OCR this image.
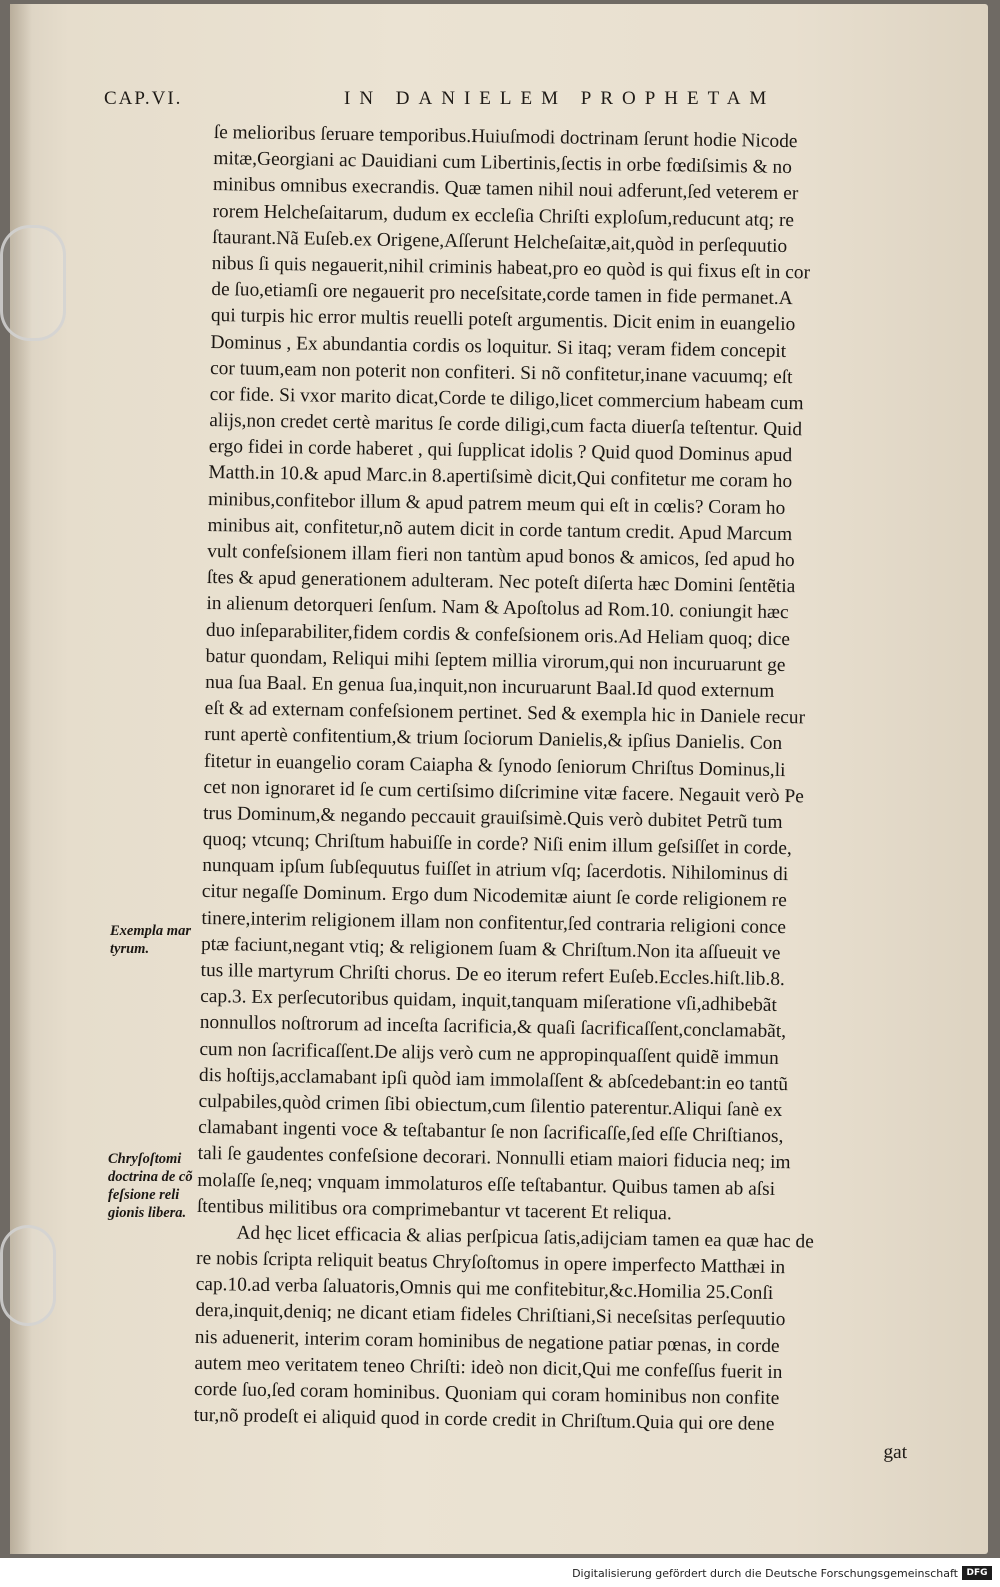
CAP.VI.	IN DANIELEM PROPHETAM
Exempla mar
tyrum.
Chryſoſtomi
doctrina de cõ
feſsione reli
gionis libera.
ſe melioribus ſeruare temporibus.Huiuſmodi doctrinam ſerunt hodie Nicode
mitæ,Georgiani ac Dauidiani cum Libertinis,ſectis in orbe fœdiſsimis & no
minibus omnibus execrandis. Quæ tamen nihil noui adferunt,ſed veterem er
rorem Helcheſaitarum, dudum ex eccleſia Chriſti exploſum,reducunt atq; re
ſtaurant.Nã Euſeb.ex Origene,Aſſerunt Helcheſaitæ,ait,quòd in perſequutio
nibus ſi quis negauerit,nihil criminis habeat,pro eo quòd is qui fixus eſt in cor
de ſuo,etiamſi ore negauerit pro neceſsitate,corde tamen in fide permanet.A
qui turpis hic error multis reuelli poteſt argumentis. Dicit enim in euangelio
Dominus , Ex abundantia cordis os loquitur. Si itaq; veram fidem concepit
cor tuum,eam non poterit non confiteri. Si nõ confitetur,inane vacuumq; eſt
cor fide. Si vxor marito dicat,Corde te diligo,licet commercium habeam cum
alijs,non credet certè maritus ſe corde diligi,cum facta diuerſa teſtentur. Quid
ergo fidei in corde haberet , qui ſupplicat idolis ? Quid quod Dominus apud
Matth.in 10.& apud Marc.in 8.apertiſsimè dicit,Qui confitetur me coram ho
minibus,confitebor illum & apud patrem meum qui eſt in cœlis? Coram ho
minibus ait, confitetur,nõ autem dicit in corde tantum credit. Apud Marcum
vult confeſsionem illam fieri non tantùm apud bonos & amicos, ſed apud ho
ſtes & apud generationem adulteram. Nec poteſt diſerta hæc Domini ſentẽtia
in alienum detorqueri ſenſum. Nam & Apoſtolus ad Rom.10. coniungit hæc
duo inſeparabiliter,fidem cordis & confeſsionem oris.Ad Heliam quoq; dice
batur quondam, Reliqui mihi ſeptem millia virorum,qui non incuruarunt ge
nua ſua Baal. En genua ſua,inquit,non incuruarunt Baal.Id quod externum
eſt & ad externam confeſsionem pertinet. Sed & exempla hic in Daniele recur
runt apertè confitentium,& trium ſociorum Danielis,& ipſius Danielis. Con
fitetur in euangelio coram Caiapha & ſynodo ſeniorum Chriſtus Dominus,li
cet non ignoraret id ſe cum certiſsimo diſcrimine vitæ facere. Negauit verò Pe
trus Dominum,& negando peccauit grauiſsimè.Quis verò dubitet Petrũ tum
quoq; vtcunq; Chriſtum habuiſſe in corde? Niſi enim illum geſsiſſet in corde,
nunquam ipſum ſubſequutus fuiſſet in atrium vſq; ſacerdotis. Nihilominus di
citur negaſſe Dominum. Ergo dum Nicodemitæ aiunt ſe corde religionem re
tinere,interim religionem illam non confitentur,ſed contraria religioni conce
ptæ faciunt,negant vtiq; & religionem ſuam & Chriſtum.Non ita aſſueuit ve
tus ille martyrum Chriſti chorus. De eo iterum refert Euſeb.Eccles.hiſt.lib.8.
cap.3. Ex perſecutoribus quidam, inquit,tanquam miſeratione vſi,adhibebãt
nonnullos noſtrorum ad inceſta ſacrificia,& quaſi ſacrificaſſent,conclamabãt,
cum non ſacrificaſſent.De alijs verò cum ne appropinquaſſent quidẽ immun
dis hoſtijs,acclamabant ipſi quòd iam immolaſſent & abſcedebant:in eo tantũ
culpabiles,quòd crimen ſibi obiectum,cum ſilentio paterentur.Aliqui ſanè ex
clamabant ingenti voce & teſtabantur ſe non ſacrificaſſe,ſed eſſe Chriſtianos,
tali ſe gaudentes confeſsione decorari. Nonnulli etiam maiori fiducia neq; im
molaſſe ſe,neq; vnquam immolaturos eſſe teſtabantur. Quibus tamen ab aſsi
ſtentibus militibus ora comprimebantur vt tacerent Et reliqua.
Ad hęc licet efficacia & alias perſpicua ſatis,adijciam tamen ea quæ hac de
re nobis ſcripta reliquit beatus Chryſoſtomus in opere imperfecto Matthæi in
cap.10.ad verba ſaluatoris,Omnis qui me confitebitur,&c.Homilia 25.Conſi
dera,inquit,deniq; ne dicant etiam fideles Chriſtiani,Si neceſsitas perſequutio
nis aduenerit, interim coram hominibus de negatione patiar pœnas, in corde
autem meo veritatem teneo Chriſti: ideò non dicit,Qui me confeſſus fuerit in
corde ſuo,ſed coram hominibus. Quoniam qui coram hominibus non confite
tur,nõ prodeſt ei aliquid quod in corde credit in Chriſtum.Quia qui ore dene
gat
Digitalisierung gefördert durch die Deutsche Forschungsgemeinschaft DFG
